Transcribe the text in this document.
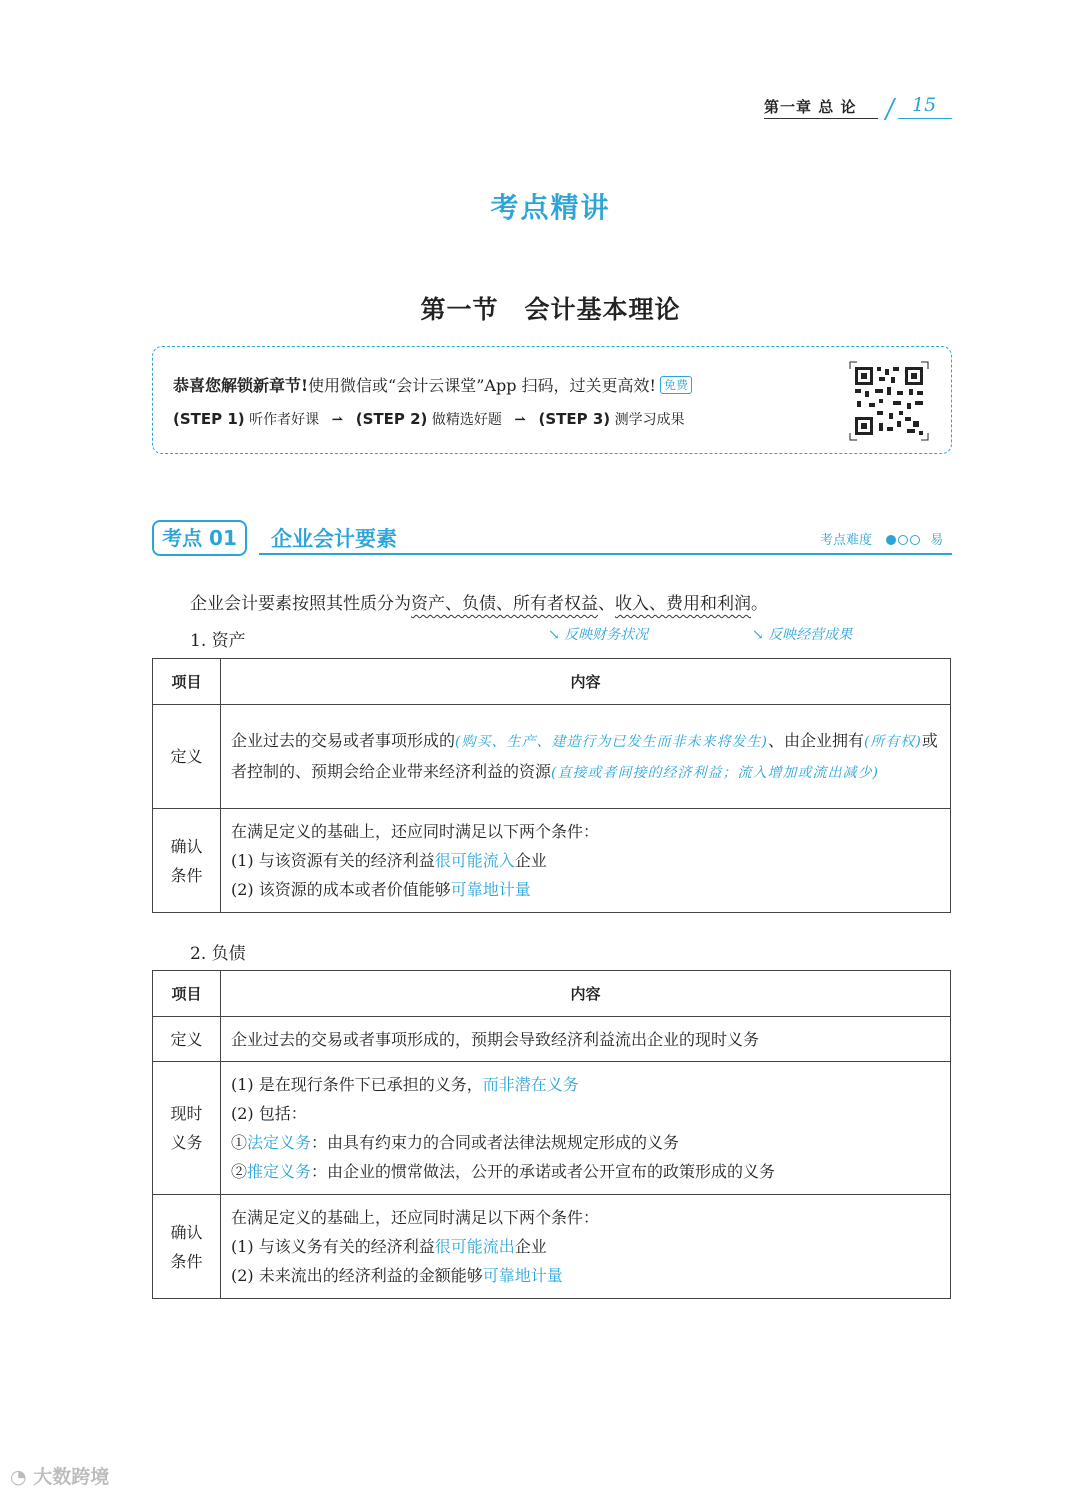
第一章 总 论	15
考点精讲
第一节　会计基本理论
恭喜您解锁新章节!使用微信或“会计云课堂”App 扫码，过关更高效! 免费
(STEP 1) 听作者好课 ⇀ (STEP 2) 做精选好题 ⇀ (STEP 3) 测学习成果
考点 01	企业会计要素	考点难度	易
企业会计要素按照其性质分为资产、负债、所有者权益、收入、费用和利润。
↘ 反映财务状况	↘ 反映经营成果
1. 资产
项目	内容
定义	企业过去的交易或者事项形成的(购买、生产、建造行为已发生而非未来将发生)、由企业拥有(所有权)或者控制的、预期会给企业带来经济利益的资源(直接或者间接的经济利益；流入增加或流出减少)
确认条件	在满足定义的基础上，还应同时满足以下两个条件：
(1) 与该资源有关的经济利益很可能流入企业
(2) 该资源的成本或者价值能够可靠地计量
2. 负债
项目	内容
定义	企业过去的交易或者事项形成的，预期会导致经济利益流出企业的现时义务
现时义务	(1) 是在现行条件下已承担的义务，而非潜在义务
(2) 包括：
①法定义务：由具有约束力的合同或者法律法规规定形成的义务
②推定义务：由企业的惯常做法，公开的承诺或者公开宣布的政策形成的义务

确认条件	在满足定义的基础上，还应同时满足以下两个条件：
(1) 与该义务有关的经济利益很可能流出企业
(2) 未来流出的经济利益的金额能够可靠地计量
◔ 大数跨境
